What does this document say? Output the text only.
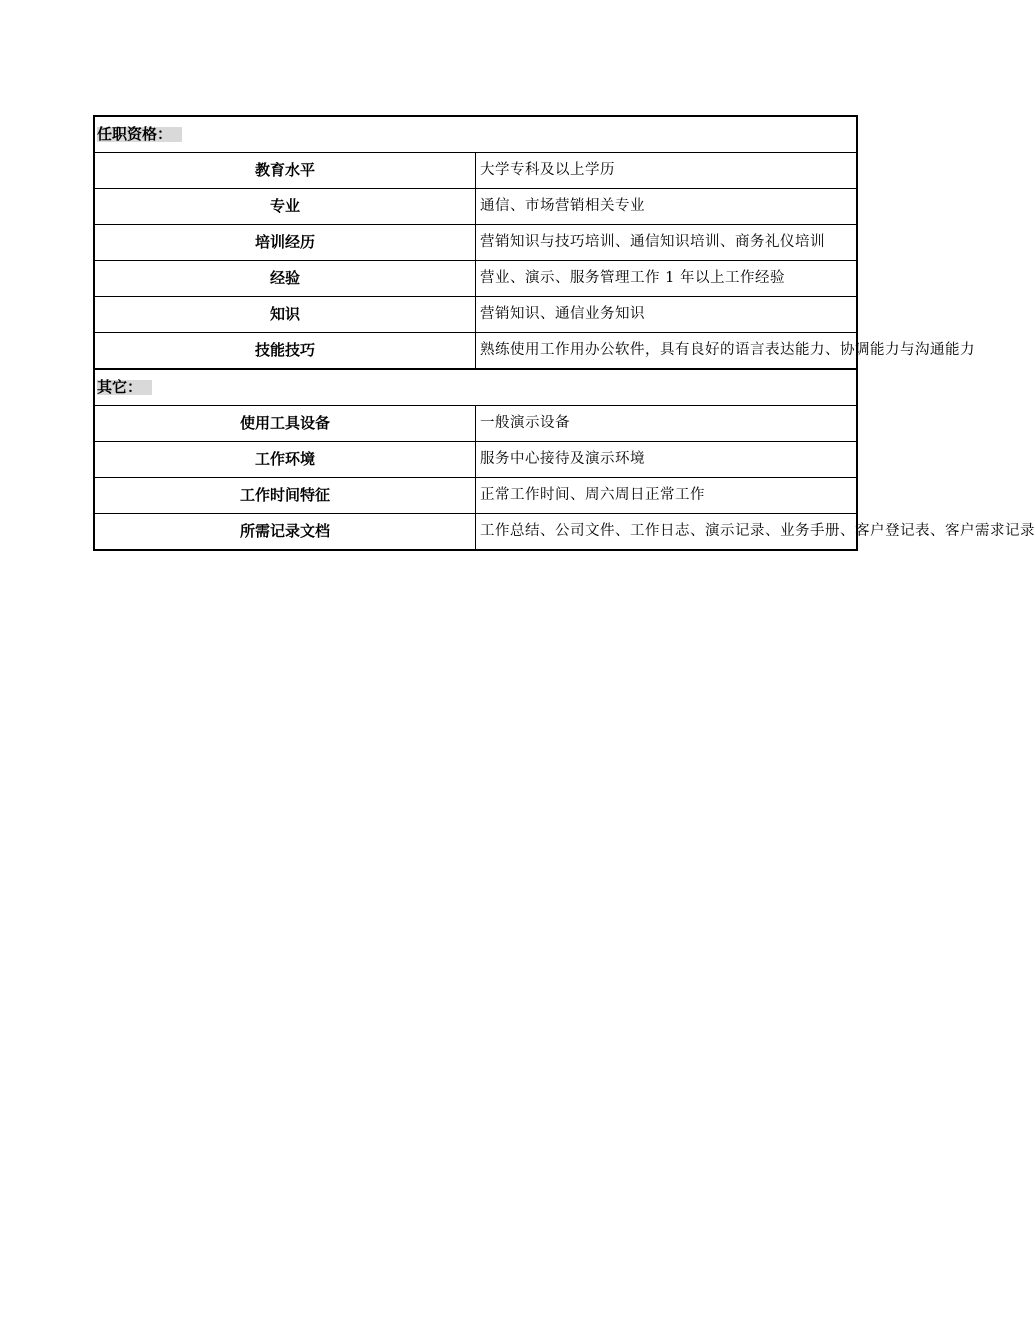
任职资格：	
教育水平	大学专科及以上学历
专业	通信、市场营销相关专业
培训经历	营销知识与技巧培训、通信知识培训、商务礼仪培训
经验	营业、演示、服务管理工作 1 年以上工作经验
知识	营销知识、通信业务知识
技能技巧	熟练使用工作用办公软件，具有良好的语言表达能力、协调能力与沟通能力
其它：	
使用工具设备	一般演示设备
工作环境	服务中心接待及演示环境
工作时间特征	正常工作时间、周六周日正常工作
所需记录文档	工作总结、公司文件、工作日志、演示记录、业务手册、客户登记表、客户需求记录
